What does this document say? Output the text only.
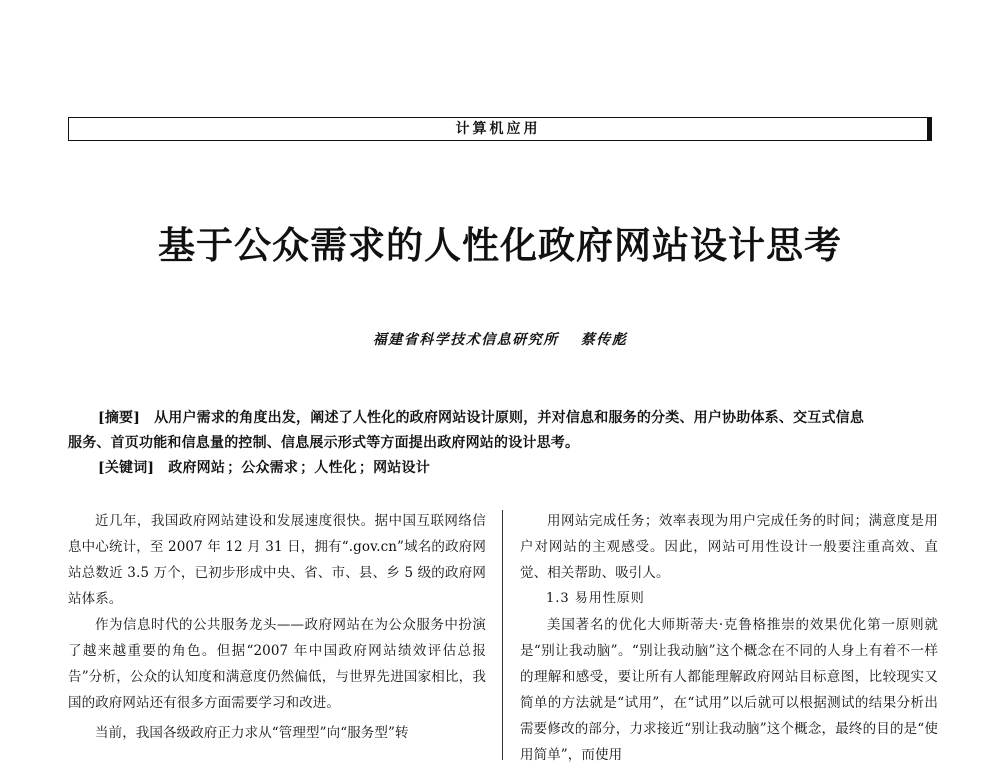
计算机应用
基于公众需求的人性化政府网站设计思考
福建省科学技术信息研究所 蔡传彪

[摘要] 从用户需求的角度出发，阐述了人性化的政府网站设计原则，并对信息和服务的分类、用户协助体系、交互式信息

服务、首页功能和信息量的控制、信息展示形式等方面提出政府网站的设计思考。

[关键词] 政府网站 ；公众需求 ；人性化 ；网站设计

近几年，我国政府网站建设和发展速度很快。据中国互联网络信息中心统计，至 2007 年 12 月 31 日，拥有“.gov.cn”域名的政府网站总数近 3.5 万个，已初步形成中央、省、市、县、乡 5 级的政府网站体系。

作为信息时代的公共服务龙头——政府网站在为公众服务中扮演了越来越重要的角色。但据“2007 年中国政府网站绩效评估总报告”分析，公众的认知度和满意度仍然偏低，与世界先进国家相比，我国的政府网站还有很多方面需要学习和改进。

当前，我国各级政府正力求从“管理型”向“服务型”转

用网站完成任务；效率表现为用户完成任务的时间；满意度是用户对网站的主观感受。因此，网站可用性设计一般要注重高效、直觉、相关帮助、吸引人。

1.3 易用性原则

美国著名的优化大师斯蒂夫·克鲁格推崇的效果优化第一原则就是“别让我动脑”。“别让我动脑”这个概念在不同的人身上有着不一样的理解和感受，要让所有人都能理解政府网站目标意图，比较现实又简单的方法就是“试用”，在“试用”以后就可以根据测试的结果分析出需要修改的部分，力求接近“别让我动脑”这个概念，最终的目的是“使用简单”，而使用
